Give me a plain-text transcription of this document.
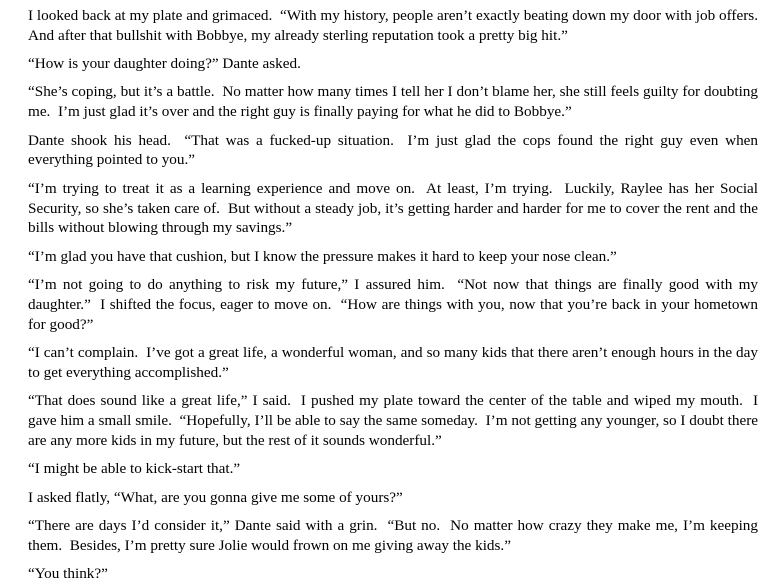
I looked back at my plate and grimaced.  “With my history, people aren’t exactly beating down my door with job offers.  And after that bullshit with Bobbye, my already sterling reputation took a pretty big hit.”

“How is your daughter doing?” Dante asked.

“She’s coping, but it’s a battle.  No matter how many times I tell her I don’t blame her, she still feels guilty for doubting me.  I’m just glad it’s over and the right guy is finally paying for what he did to Bobbye.”

Dante shook his head.  “That was a fucked-up situation.  I’m just glad the cops found the right guy even when everything pointed to you.”

“I’m trying to treat it as a learning experience and move on.  At least, I’m trying.  Luckily, Raylee has her Social Security, so she’s taken care of.  But without a steady job, it’s getting harder and harder for me to cover the rent and the bills without blowing through my savings.”

“I’m glad you have that cushion, but I know the pressure makes it hard to keep your nose clean.”

“I’m not going to do anything to risk my future,” I assured him.  “Not now that things are finally good with my daughter.”  I shifted the focus, eager to move on.  “How are things with you, now that you’re back in your hometown for good?”

“I can’t complain.  I’ve got a great life, a wonderful woman, and so many kids that there aren’t enough hours in the day to get everything accomplished.”

“That does sound like a great life,” I said.  I pushed my plate toward the center of the table and wiped my mouth.  I gave him a small smile.  “Hopefully, I’ll be able to say the same someday.  I’m not getting any younger, so I doubt there are any more kids in my future, but the rest of it sounds wonderful.”

“I might be able to kick-start that.”

I asked flatly, “What, are you gonna give me some of yours?”

“There are days I’d consider it,” Dante said with a grin.  “But no.  No matter how crazy they make me, I’m keeping them.  Besides, I’m pretty sure Jolie would frown on me giving away the kids.”

“You think?”
